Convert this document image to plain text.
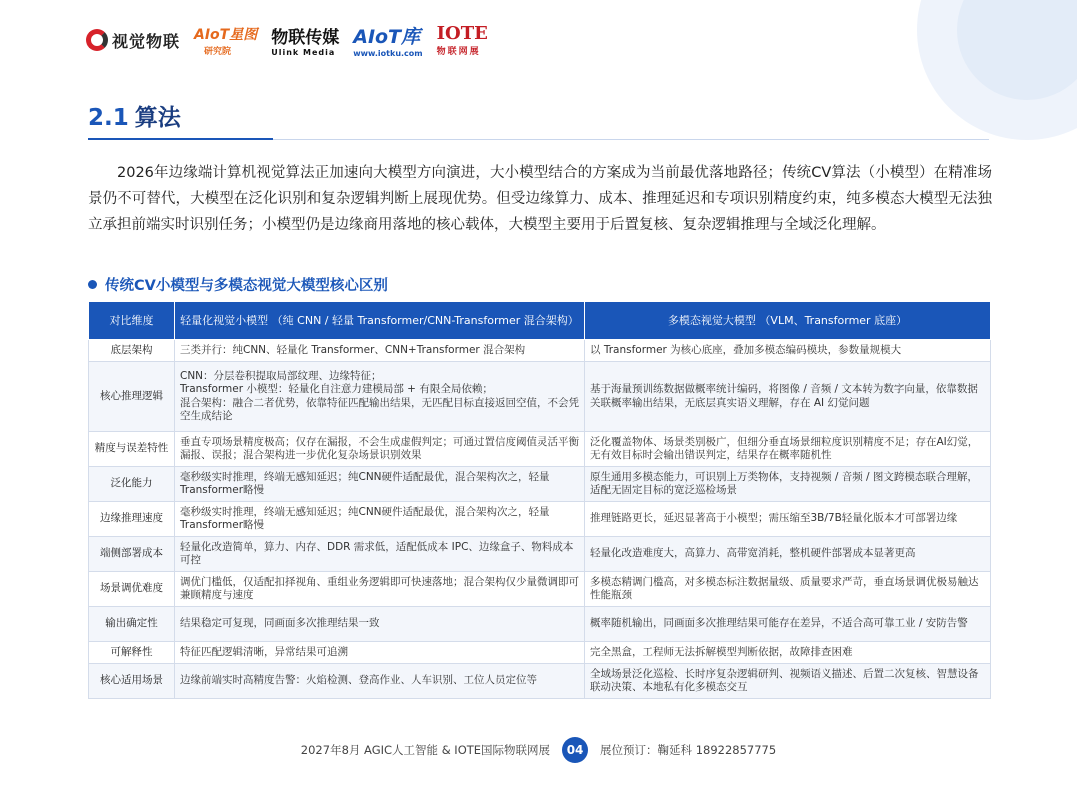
视觉物联 AIoT星图
研究院
物联传媒
Ulink Media
AIoT库
www.iotku.com
IOTE
物联网展
2.1 算法

2026年边缘端计算机视觉算法正加速向大模型方向演进，大小模型结合的方案成为当前最优落地路径；传统CV算法（小模型）在精准场景仍不可替代，大模型在泛化识别和复杂逻辑判断上展现优势。但受边缘算力、成本、推理延迟和专项识别精度约束，纯多模态大模型无法独立承担前端实时识别任务；小模型仍是边缘商用落地的核心载体，大模型主要用于后置复核、复杂逻辑推理与全域泛化理解。

传统CV小模型与多模态视觉大模型核心区别
对比维度	轻量化视觉小模型 （纯 CNN / 轻量 Transformer/CNN-Transformer 混合架构）	多模态视觉大模型 （VLM、Transformer 底座）
底层架构	三类并行：纯CNN、轻量化 Transformer、CNN+Transformer 混合架构	以 Transformer 为核心底座，叠加多模态编码模块，参数量规模大
核心推理逻辑	CNN：分层卷积提取局部纹理、边缘特征；
Transformer 小模型：轻量化自注意力建模局部 + 有限全局依赖；
混合架构：融合二者优势，依靠特征匹配输出结果，无匹配目标直接返回空值，不会凭空生成结论	基于海量预训练数据做概率统计编码，将图像 / 音频 / 文本转为数字向量，依靠数据关联概率输出结果，无底层真实语义理解，存在 AI 幻觉问题
精度与误差特性	垂直专项场景精度极高；仅存在漏报，不会生成虚假判定；可通过置信度阈值灵活平衡漏报、误报；混合架构进一步优化复杂场景识别效果	泛化覆盖物体、场景类别极广，但细分垂直场景细粒度识别精度不足；存在AI幻觉，无有效目标时会输出错误判定，结果存在概率随机性
泛化能力	毫秒级实时推理，终端无感知延迟；纯CNN硬件适配最优，混合架构次之，轻量Transformer略慢	原生通用多模态能力，可识别上万类物体，支持视频 / 音频 / 图文跨模态联合理解，适配无固定目标的宽泛巡检场景
边缘推理速度	毫秒级实时推理，终端无感知延迟；纯CNN硬件适配最优，混合架构次之，轻量Transformer略慢	推理链路更长，延迟显著高于小模型；需压缩至3B/7B轻量化版本才可部署边缘
端侧部署成本	轻量化改造简单，算力、内存、DDR 需求低，适配低成本 IPC、边缘盒子、物料成本可控	轻量化改造难度大，高算力、高带宽消耗，整机硬件部署成本显著更高
场景调优难度	调优门槛低，仅适配扣择视角、重组业务逻辑即可快速落地；混合架构仅少量微调即可兼顾精度与速度	多模态精调门槛高，对多模态标注数据量级、质量要求严苛，垂直场景调优极易触达性能瓶颈
输出确定性	结果稳定可复现，同画面多次推理结果一致	概率随机输出，同画面多次推理结果可能存在差异，不适合高可靠工业 / 安防告警
可解释性	特征匹配逻辑清晰，异常结果可追溯	完全黑盒，工程师无法拆解模型判断依据，故障排查困难
核心适用场景	边缘前端实时高精度告警：火焰检测、登高作业、人车识别、工位人员定位等	全域场景泛化巡检、长时序复杂逻辑研判、视频语义描述、后置二次复核、智慧设备联动决策、本地私有化多模态交互
2027年8月 AGIC人工智能 & IOTE国际物联网展	04	展位预订：鞠延科 18922857775
